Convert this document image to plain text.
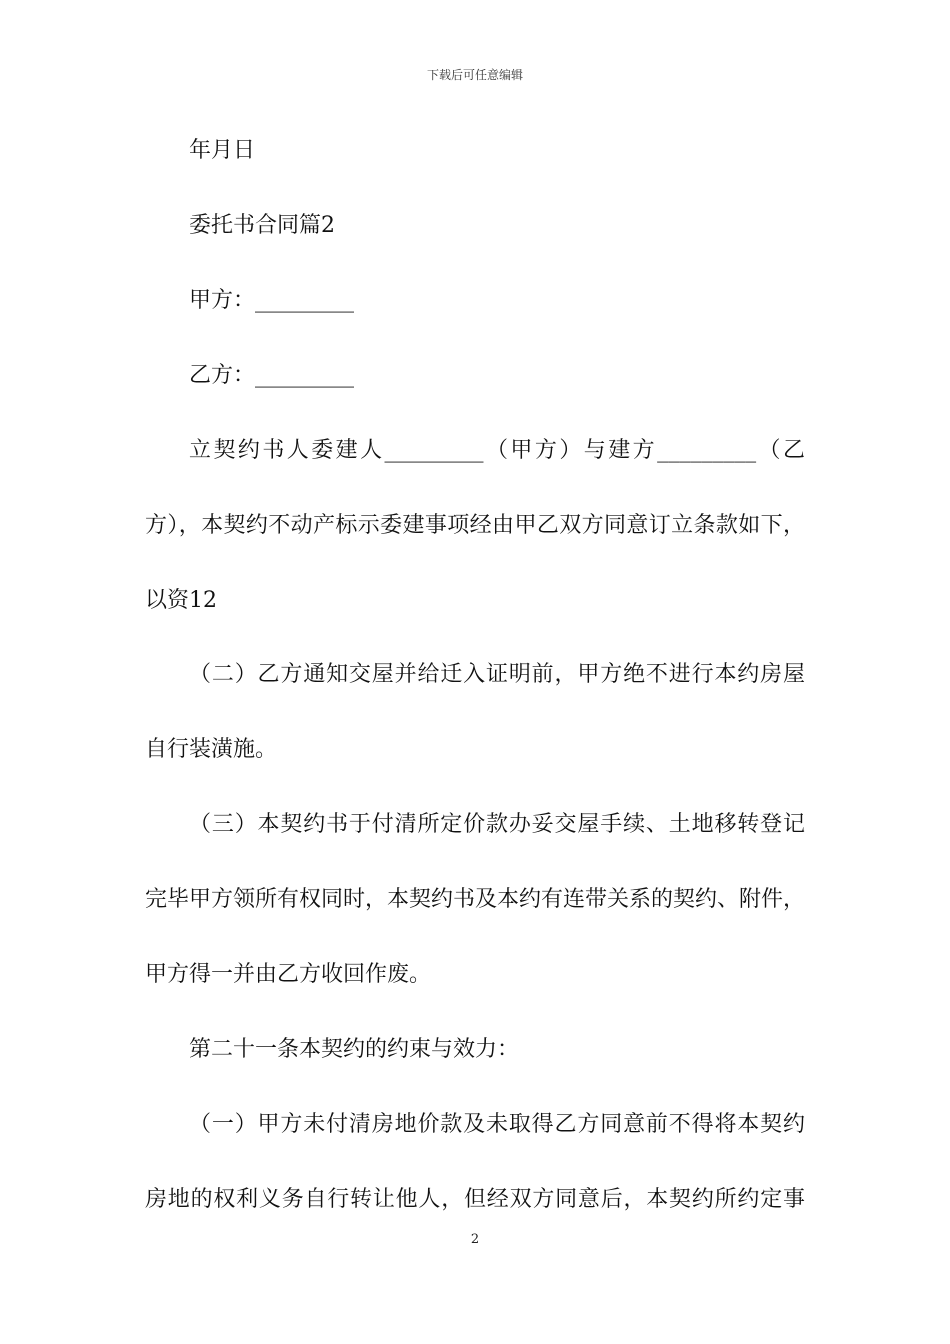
下载后可任意编辑
年月日
委托书合同篇2
甲方：_________
乙方：_________
立契约书人委建人_________（甲方）与建方_________（乙
方），本契约不动产标示委建事项经由甲乙双方同意订立条款如下，
以资12
（二）乙方通知交屋并给迁入证明前，甲方绝不进行本约房屋
自行装潢施。
（三）本契约书于付清所定价款办妥交屋手续、土地移转登记
完毕甲方领所有权同时，本契约书及本约有连带关系的契约、附件，
甲方得一并由乙方收回作废。
第二十一条本契约的约束与效力：
（一）甲方未付清房地价款及未取得乙方同意前不得将本契约
房地的权利义务自行转让他人，但经双方同意后，本契约所约定事
2
